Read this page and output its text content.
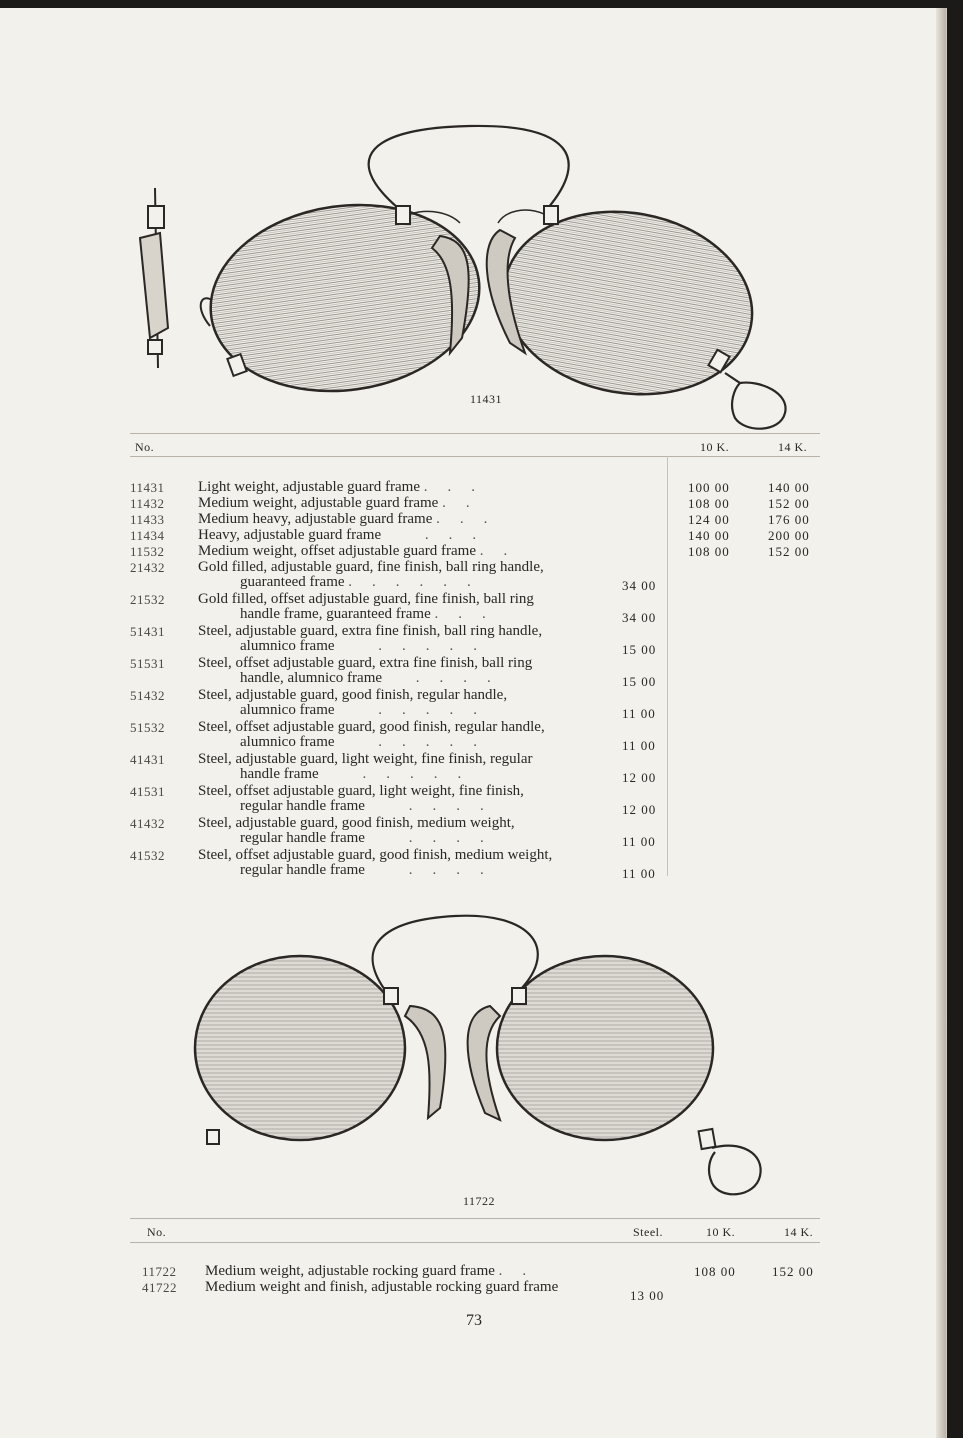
11431
No.	10 K.	14 K.
11431	Light weight, adjustable guard frame ...	100 00	140 00
11432	Medium weight, adjustable guard frame ..	108 00	152 00
11433	Medium heavy, adjustable guard frame ...	124 00	176 00
11434	Heavy, adjustable guard frame	...	140 00	200 00
11532	Medium weight, offset adjustable guard frame ..	108 00	152 00
21432	Gold filled, adjustable guard, fine finish, ball ring handle,
guaranteed frame ......	34 00
21532	Gold filled, offset adjustable guard, fine finish, ball ring
handle frame, guaranteed frame ...	34 00
51431	Steel, adjustable guard, extra fine finish, ball ring handle,
alumnico frame	.....	15 00
51531	Steel, offset adjustable guard, extra fine finish, ball ring
handle, alumnico frame ....	15 00
51432	Steel, adjustable guard, good finish, regular handle,
alumnico frame	.....	11 00
51532	Steel, offset adjustable guard, good finish, regular handle,
alumnico frame	.....	11 00
41431	Steel, adjustable guard, light weight, fine finish, regular
handle frame	.....	12 00
41531	Steel, offset adjustable guard, light weight, fine finish,
regular handle frame	....	12 00
41432	Steel, adjustable guard, good finish, medium weight,
regular handle frame	....	11 00
41532	Steel, offset adjustable guard, good finish, medium weight,
regular handle frame	....	11 00
11722
No.	Steel.	10 K.	14 K.
11722	Medium weight, adjustable rocking guard frame ..	108 00	152 00
41722	Medium weight and finish, adjustable rocking guard frame
13 00
73
